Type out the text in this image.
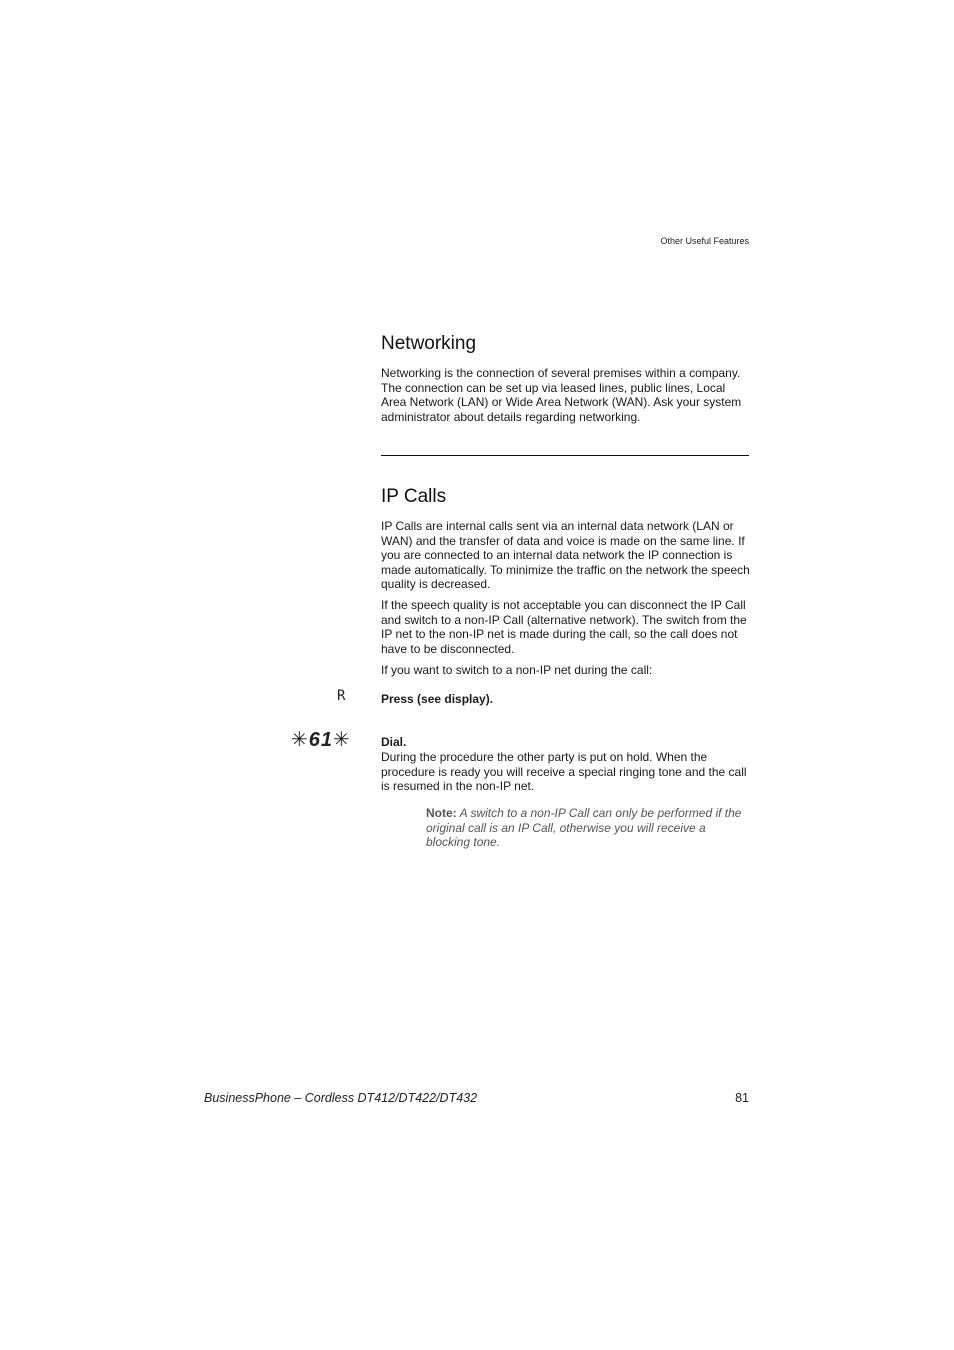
Other Useful Features
Networking

Networking is the connection of several premises within a company. The connection can be set up via leased lines, public lines, Local Area Network (LAN) or Wide Area Network (WAN). Ask your system administrator about details regarding networking.

IP Calls

IP Calls are internal calls sent via an internal data network (LAN or WAN) and the transfer of data and voice is made on the same line. If you are connected to an internal data network the IP connection is made automatically. To minimize the traffic on the network the speech quality is decreased.

If the speech quality is not acceptable you can disconnect the IP Call and switch to a non-IP Call (alternative network). The switch from the IP net to the non-IP net is made during the call, so the call does not have to be disconnected.

If you want to switch to a non-IP net during the call:

R	Press (see display).

✳61✳	Dial.

During the procedure the other party is put on hold. When the procedure is ready you will receive a special ringing tone and the call is resumed in the non-IP net.

Note: A switch to a non-IP Call can only be performed if the original call is an IP Call, otherwise you will receive a blocking tone.

BusinessPhone – Cordless DT412/DT422/DT432	81
